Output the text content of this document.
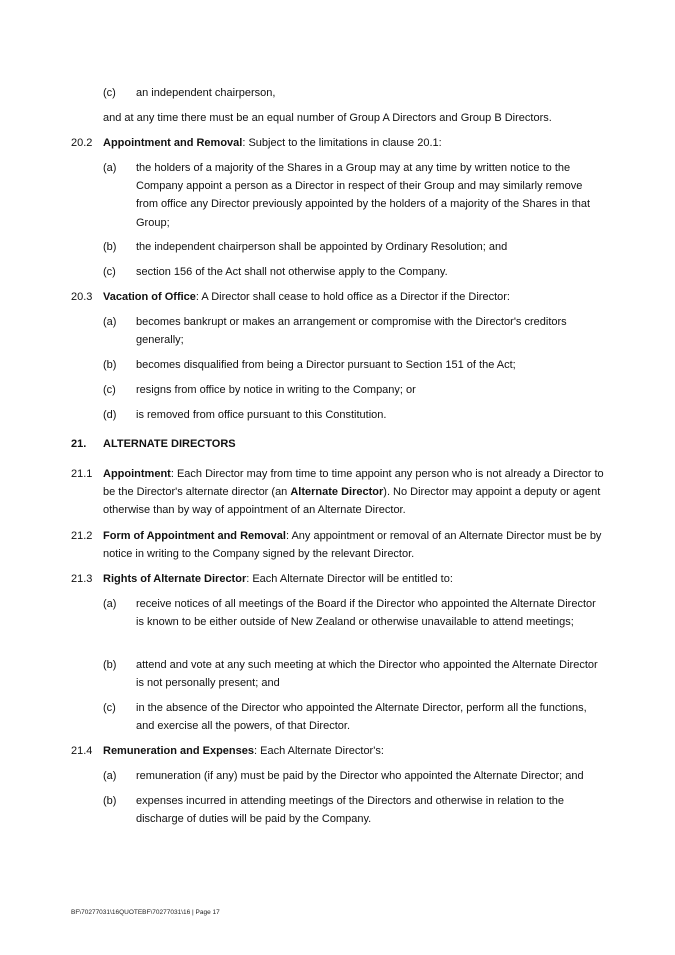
(c) an independent chairperson,
and at any time there must be an equal number of Group A Directors and Group B Directors.
20.2 Appointment and Removal: Subject to the limitations in clause 20.1:
(a) the holders of a majority of the Shares in a Group may at any time by written notice to the Company appoint a person as a Director in respect of their Group and may similarly remove from office any Director previously appointed by the holders of a majority of the Shares in that Group;
(b) the independent chairperson shall be appointed by Ordinary Resolution; and
(c) section 156 of the Act shall not otherwise apply to the Company.
20.3 Vacation of Office: A Director shall cease to hold office as a Director if the Director:
(a) becomes bankrupt or makes an arrangement or compromise with the Director's creditors generally;
(b) becomes disqualified from being a Director pursuant to Section 151 of the Act;
(c) resigns from office by notice in writing to the Company; or
(d) is removed from office pursuant to this Constitution.
21. ALTERNATE DIRECTORS
21.1 Appointment: Each Director may from time to time appoint any person who is not already a Director to be the Director's alternate director (an Alternate Director). No Director may appoint a deputy or agent otherwise than by way of appointment of an Alternate Director.
21.2 Form of Appointment and Removal: Any appointment or removal of an Alternate Director must be by notice in writing to the Company signed by the relevant Director.
21.3 Rights of Alternate Director: Each Alternate Director will be entitled to:
(a) receive notices of all meetings of the Board if the Director who appointed the Alternate Director is known to be either outside of New Zealand or otherwise unavailable to attend meetings;
(b) attend and vote at any such meeting at which the Director who appointed the Alternate Director is not personally present; and
(c) in the absence of the Director who appointed the Alternate Director, perform all the functions, and exercise all the powers, of that Director.
21.4 Remuneration and Expenses: Each Alternate Director's:
(a) remuneration (if any) must be paid by the Director who appointed the Alternate Director; and
(b) expenses incurred in attending meetings of the Directors and otherwise in relation to the discharge of duties will be paid by the Company.
BF\70277031\16QUOTEBF\70277031\16 | Page 17
